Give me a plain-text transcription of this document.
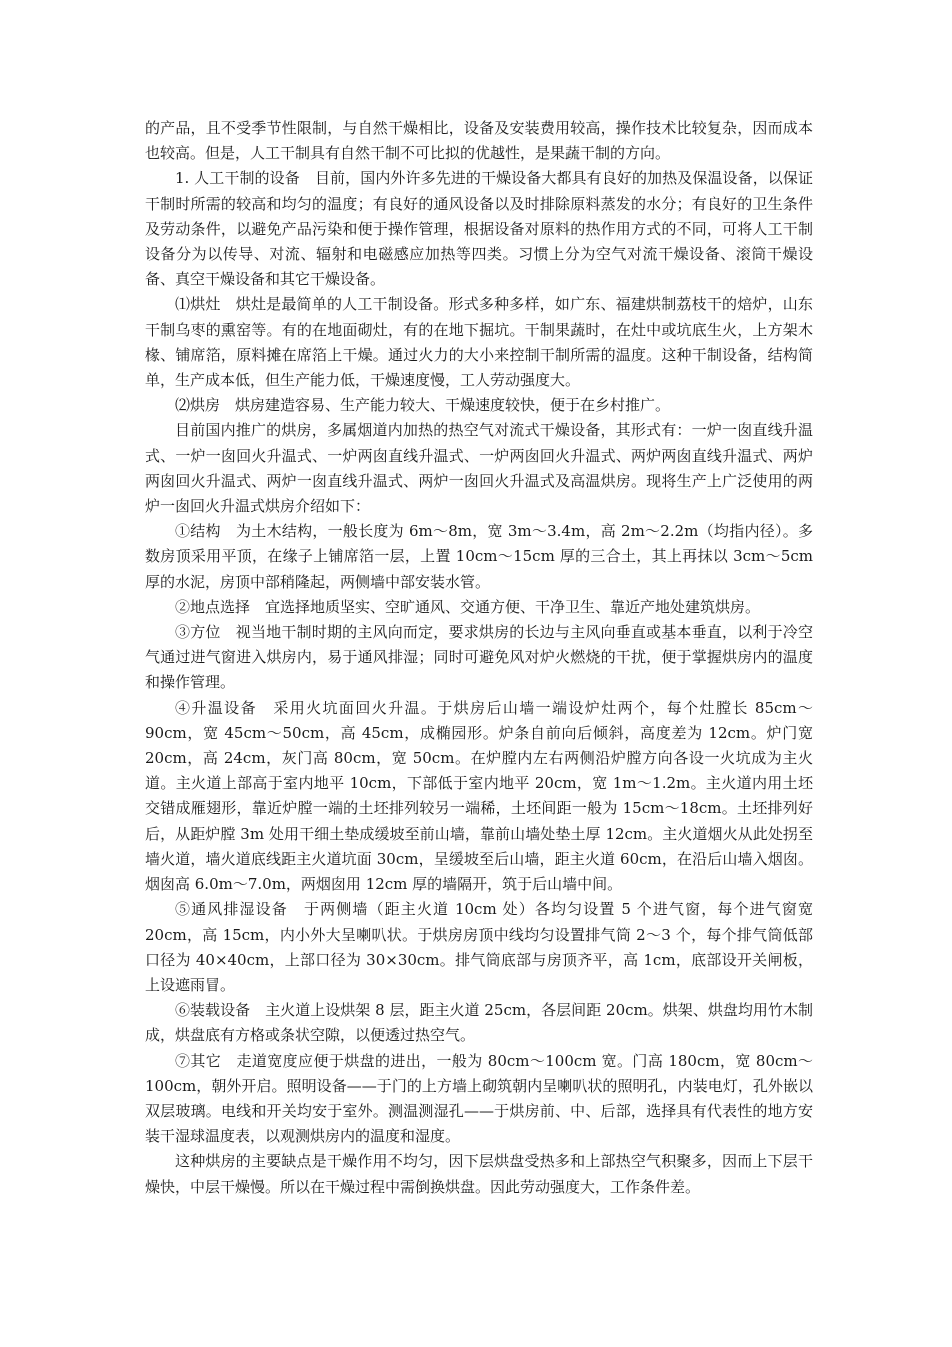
的产品，且不受季节性限制，与自然干燥相比，设备及安装费用较高，操作技术比较复杂，因而成本也较高。但是，人工干制具有自然干制不可比拟的优越性，是果蔬干制的方向。

1. 人工干制的设备　目前，国内外许多先进的干燥设备大都具有良好的加热及保温设备，以保证干制时所需的较高和均匀的温度；有良好的通风设备以及时排除原料蒸发的水分；有良好的卫生条件及劳动条件，以避免产品污染和便于操作管理，根据设备对原料的热作用方式的不同，可将人工干制设备分为以传导、对流、辐射和电磁感应加热等四类。习惯上分为空气对流干燥设备、滚筒干燥设备、真空干燥设备和其它干燥设备。

⑴烘灶　烘灶是最简单的人工干制设备。形式多种多样，如广东、福建烘制荔枝干的焙炉，山东干制乌枣的熏窑等。有的在地面砌灶，有的在地下掘坑。干制果蔬时，在灶中或坑底生火，上方架木椽、铺席箔，原料摊在席箔上干燥。通过火力的大小来控制干制所需的温度。这种干制设备，结构简单，生产成本低，但生产能力低，干燥速度慢，工人劳动强度大。

⑵烘房　烘房建造容易、生产能力较大、干燥速度较快，便于在乡村推广。

目前国内推广的烘房，多属烟道内加热的热空气对流式干燥设备，其形式有：一炉一囱直线升温式、一炉一囱回火升温式、一炉两囱直线升温式、一炉两囱回火升温式、两炉两囱直线升温式、两炉两囱回火升温式、两炉一囱直线升温式、两炉一囱回火升温式及高温烘房。现将生产上广泛使用的两炉一囱回火升温式烘房介绍如下：

①结构　为土木结构，一般长度为 6m～8m，宽 3m～3.4m，高 2m～2.2m（均指内径）。多数房顶采用平顶，在缘子上铺席箔一层，上置 10cm～15cm 厚的三合土，其上再抹以 3cm～5cm 厚的水泥，房顶中部稍隆起，两侧墙中部安装水管。

②地点选择　宜选择地质坚实、空旷通风、交通方便、干净卫生、靠近产地处建筑烘房。

③方位　视当地干制时期的主风向而定，要求烘房的长边与主风向垂直或基本垂直，以利于冷空气通过进气窗进入烘房内，易于通风排湿；同时可避免风对炉火燃烧的干扰，便于掌握烘房内的温度和操作管理。

④升温设备　采用火坑面回火升温。于烘房后山墙一端设炉灶两个，每个灶膛长 85cm～90cm，宽 45cm～50cm，高 45cm，成椭园形。炉条自前向后倾斜，高度差为 12cm。炉门宽 20cm，高 24cm，灰门高 80cm，宽 50cm。在炉膛内左右两侧沿炉膛方向各设一火坑成为主火道。主火道上部高于室内地平 10cm，下部低于室内地平 20cm，宽 1m～1.2m。主火道内用土坯交错成雁翅形，靠近炉膛一端的土坯排列较另一端稀，土坯间距一般为 15cm～18cm。土坯排列好后，从距炉膛 3m 处用干细土垫成缓坡至前山墙，靠前山墙处垫土厚 12cm。主火道烟火从此处拐至墙火道，墙火道底线距主火道坑面 30cm，呈缓坡至后山墙，距主火道 60cm，在沿后山墙入烟囱。烟囱高 6.0m～7.0m，两烟囱用 12cm 厚的墙隔开，筑于后山墙中间。

⑤通风排湿设备　于两侧墙（距主火道 10cm 处）各均匀设置 5 个进气窗，每个进气窗宽 20cm，高 15cm，内小外大呈喇叭状。于烘房房顶中线均匀设置排气筒 2～3 个，每个排气筒低部口径为 40×40cm，上部口径为 30×30cm。排气筒底部与房顶齐平，高 1cm，底部设开关闸板，上设遮雨冒。

⑥装载设备　主火道上设烘架 8 层，距主火道 25cm，各层间距 20cm。烘架、烘盘均用竹木制成，烘盘底有方格或条状空隙，以便透过热空气。

⑦其它　走道宽度应便于烘盘的进出，一般为 80cm～100cm 宽。门高 180cm，宽 80cm～100cm，朝外开启。照明设备——于门的上方墙上砌筑朝内呈喇叭状的照明孔，内装电灯，孔外嵌以双层玻璃。电线和开关均安于室外。测温测湿孔——于烘房前、中、后部，选择具有代表性的地方安装干湿球温度表，以观测烘房内的温度和湿度。

这种烘房的主要缺点是干燥作用不均匀，因下层烘盘受热多和上部热空气积聚多，因而上下层干燥快，中层干燥慢。所以在干燥过程中需倒换烘盘。因此劳动强度大，工作条件差。
